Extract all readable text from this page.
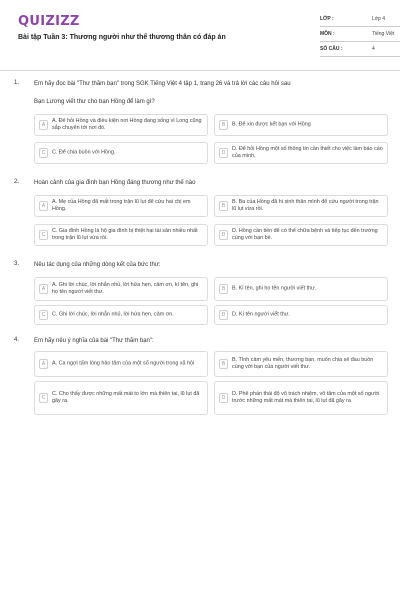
QUIZIZZ
Bài tập Tuần 3: Thương người như thể thương thân có đáp án
LỚP :	Lớp 4
MÔN :	Tiếng Việt
SỐ CÂU :	4
1. Em hãy đọc bài "Thư thăm bạn" trong SGK Tiếng Việt 4 tập 1, trang 26 và trả lời các câu hỏi sau
Bạn Lương viết thư cho bạn Hồng để làm gì?
A
A. Để hỏi Hồng và điều kiện nơi Hồng đang sống vì Long cũng sắp chuyển tới nơi đó.	B	B. Để xin được kết bạn với Hồng
C	C. Để chia buồn với Hồng.	D
D. Để hỏi Hồng một số thông tin cần thiết cho việc làm báo cáo của mình,
2. Hoàn cảnh của gia đình bạn Hồng đáng thương như thế nào
A
A. Mẹ của Hồng đã mất trong trận lũ lụt để cứu hai chị em Hồng.	B
B. Ba của Hồng đã hi sinh thân mình để cứu người trong trận lũ lụt vừa rồi.
C
C. Gia đình Hồng là hộ gia đình bị thiệt hại tài sản nhiều nhất trong trận lũ lụt vừa rồi.	D
D. Hồng cần tiền để có thể chữa bệnh và tiếp tục đến trường cùng với bạn bè.
3. Nêu tác dụng của những dòng kết của bức thư:
A
A. Ghi lời chúc, lời nhắn nhủ, lời hứa hẹn, cảm ơn, kí tên, ghi họ tên người viết thư.	B	B. Kí tên, ghi họ tên người viết thư.
C	C. Ghi lời chúc, lời nhắn nhủ, lời hứa hẹn, cảm ơn.	D	D. Kí tên người viết thư.
4. Em hãy nêu ý nghĩa của bài "Thư thăm bạn":
A	A. Ca ngợi tấm lòng hảo tâm của một số người trong xã hội	B
B. Tình cảm yêu mến, thương bạn, muốn chia sẻ đau buồn cùng với bạn của người viết thư.
C
C. Cho thấy được những mất mát to lớn mà thiên tai, lũ lụt đã gây ra.	D
D. Phê phán thái độ vô trách nhiệm, vô tâm của một số người trước những mất mát mà thiên tai, lũ lụt đã gây ra
